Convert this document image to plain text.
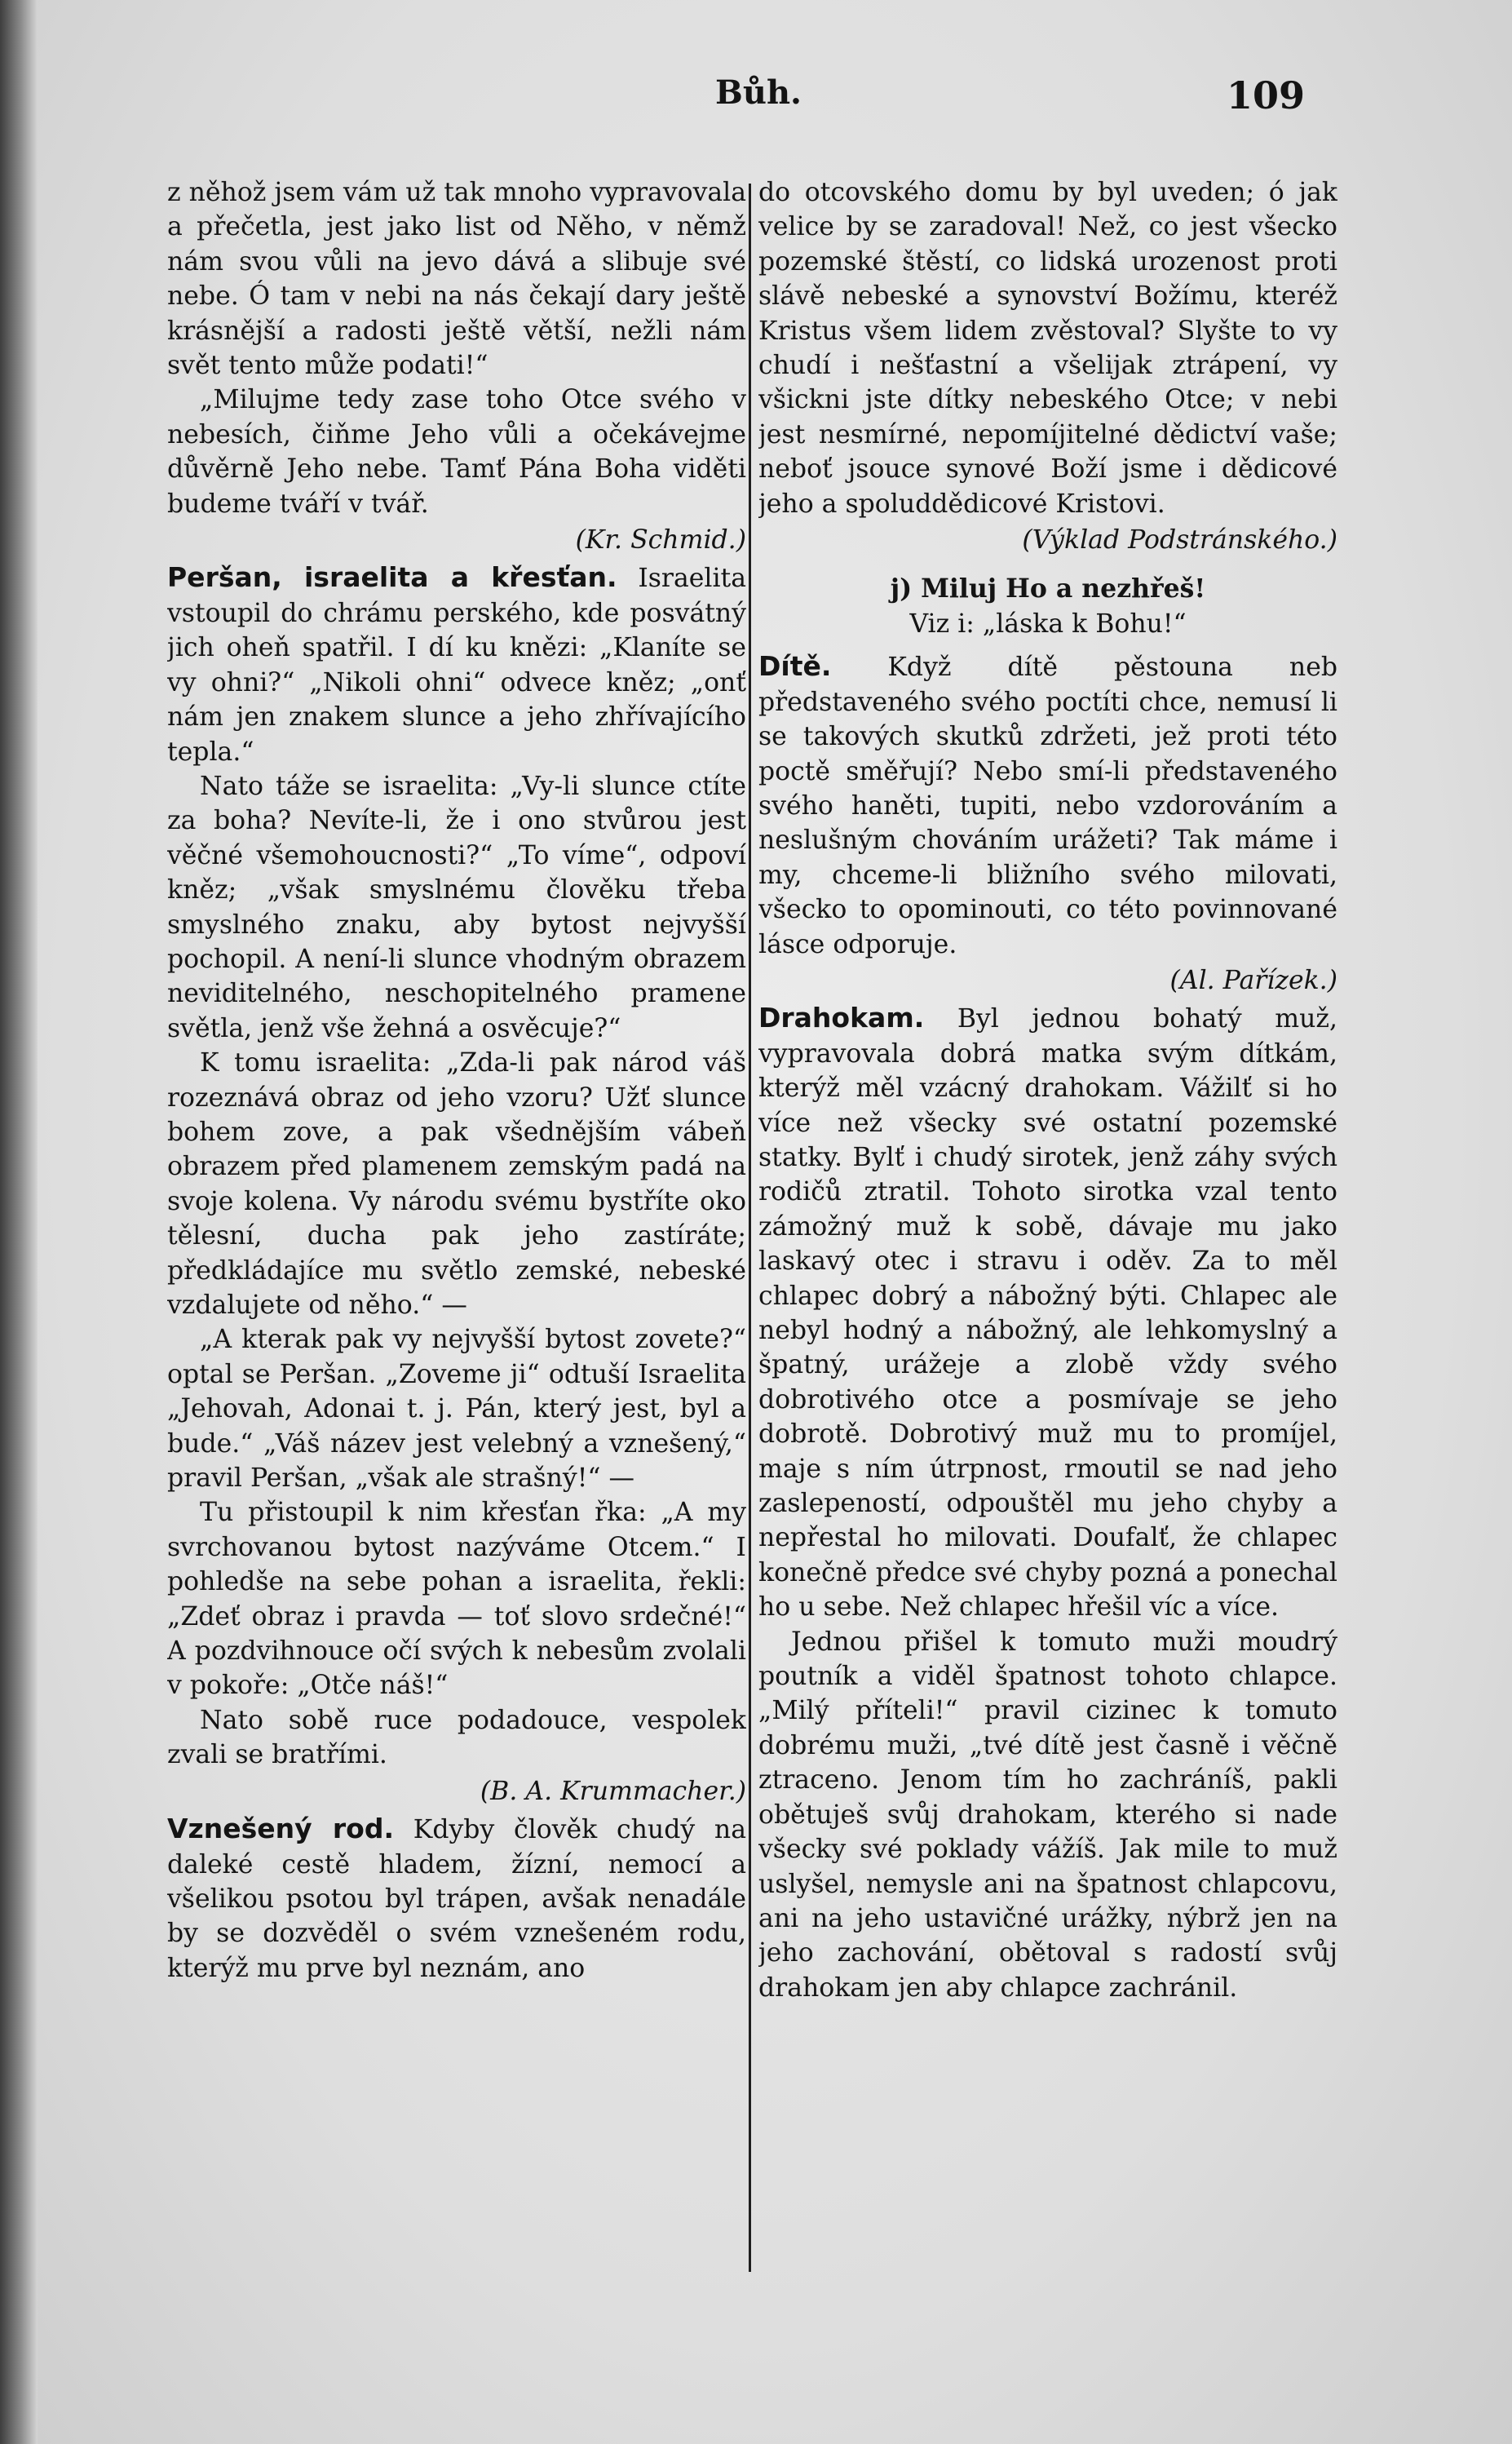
Bůh.	109

z něhož jsem vám už tak mnoho vypravovala a přečetla, jest jako list od Něho, v němž nám svou vůli na jevo dává a slibuje své nebe. Ó tam v nebi na nás čekají dary ještě krásnější a radosti ještě větší, nežli nám svět tento může podati!“

„Milujme tedy zase toho Otce svého v nebesích, čiňme Jeho vůli a očekávejme důvěrně Jeho nebe. Tamť Pána Boha viděti budeme tváří v tvář.

(Kr. Schmid.)

Peršan, israelita a křesťan. Israelita vstoupil do chrámu perského, kde posvátný jich oheň spatřil. I dí ku knězi: „Klaníte se vy ohni?“ „Nikoli ohni“ odvece kněz; „onť nám jen znakem slunce a jeho zhřívajícího tepla.“

Nato táže se israelita: „Vy-li slunce ctíte za boha? Nevíte-li, že i ono stvůrou jest věčné všemohoucnosti?“ „To víme“, odpoví kněz; „však smyslnému člověku třeba smyslného znaku, aby bytost nejvyšší pochopil. A není-li slunce vhodným obrazem neviditelného, neschopitelného pramene světla, jenž vše žehná a osvěcuje?“

K tomu israelita: „Zda-li pak národ váš rozeznává obraz od jeho vzoru? Užť slunce bohem zove, a pak všednějším vábeň obrazem před plamenem zemským padá na svoje kolena. Vy národu svému bystříte oko tělesní, ducha pak jeho zastíráte; předkládajíce mu světlo zemské, nebeské vzdalujete od něho.“ —

„A kterak pak vy nejvyšší bytost zovete?“ optal se Peršan. „Zoveme ji“ odtuší Israelita „Jehovah, Adonai t. j. Pán, který jest, byl a bude.“ „Váš název jest velebný a vznešený,“ pravil Peršan, „však ale strašný!“ —

Tu přistoupil k nim křesťan řka: „A my svrchovanou bytost nazýváme Otcem.“ I pohledše na sebe pohan a israelita, řekli: „Zdeť obraz i pravda — toť slovo srdečné!“ A pozdvihnouce očí svých k nebesům zvolali v pokoře: „Otče náš!“

Nato sobě ruce podadouce, vespolek zvali se bratřími.

(B. A. Krummacher.)

Vznešený rod. Kdyby člověk chudý na daleké cestě hladem, žízní, nemocí a všelikou psotou byl trápen, avšak nenadále by se dozvěděl o svém vznešeném rodu, kterýž mu prve byl neznám, ano

do otcovského domu by byl uveden; ó jak velice by se zaradoval! Než, co jest všecko pozemské štěstí, co lidská urozenost proti slávě nebeské a synovství Božímu, kteréž Kristus všem lidem zvěstoval? Slyšte to vy chudí i nešťastní a všelijak ztrápení, vy všickni jste dítky nebeského Otce; v nebi jest nesmírné, nepomíjitelné dědictví vaše; neboť jsouce synové Boží jsme i dědicové jeho a spoluddědicové Kristovi.

(Výklad Podstránského.)

j) Miluj Ho a nezhřeš!

Viz i: „láska k Bohu!“

Dítě. Když dítě pěstouna neb představeného svého poctíti chce, nemusí li se takových skutků zdržeti, jež proti této poctě směřují? Nebo smí-li představeného svého haněti, tupiti, nebo vzdorováním a neslušným chováním urážeti? Tak máme i my, chceme-li bližního svého milovati, všecko to opominouti, co této povinnované lásce odporuje.

(Al. Pařízek.)

Drahokam. Byl jednou bohatý muž, vypravovala dobrá matka svým dítkám, kterýž měl vzácný drahokam. Vážilť si ho více než všecky své ostatní pozemské statky. Bylť i chudý sirotek, jenž záhy svých rodičů ztratil. Tohoto sirotka vzal tento zámožný muž k sobě, dávaje mu jako laskavý otec i stravu i oděv. Za to měl chlapec dobrý a nábožný býti. Chlapec ale nebyl hodný a nábožný, ale lehkomyslný a špatný, urážeje a zlobě vždy svého dobrotivého otce a posmívaje se jeho dobrotě. Dobrotivý muž mu to promíjel, maje s ním útrpnost, rmoutil se nad jeho zaslepeností, odpouštěl mu jeho chyby a nepřestal ho milovati. Doufalť, že chlapec konečně předce své chyby pozná a ponechal ho u sebe. Než chlapec hřešil víc a více.

Jednou přišel k tomuto muži moudrý poutník a viděl špatnost tohoto chlapce. „Milý příteli!“ pravil cizinec k tomuto dobrému muži, „tvé dítě jest časně i věčně ztraceno. Jenom tím ho zachráníš, pakli obětuješ svůj drahokam, kterého si nade všecky své poklady vážíš. Jak mile to muž uslyšel, nemysle ani na špatnost chlapcovu, ani na jeho ustavičné urážky, nýbrž jen na jeho zachování, obětoval s radostí svůj drahokam jen aby chlapce zachránil.
